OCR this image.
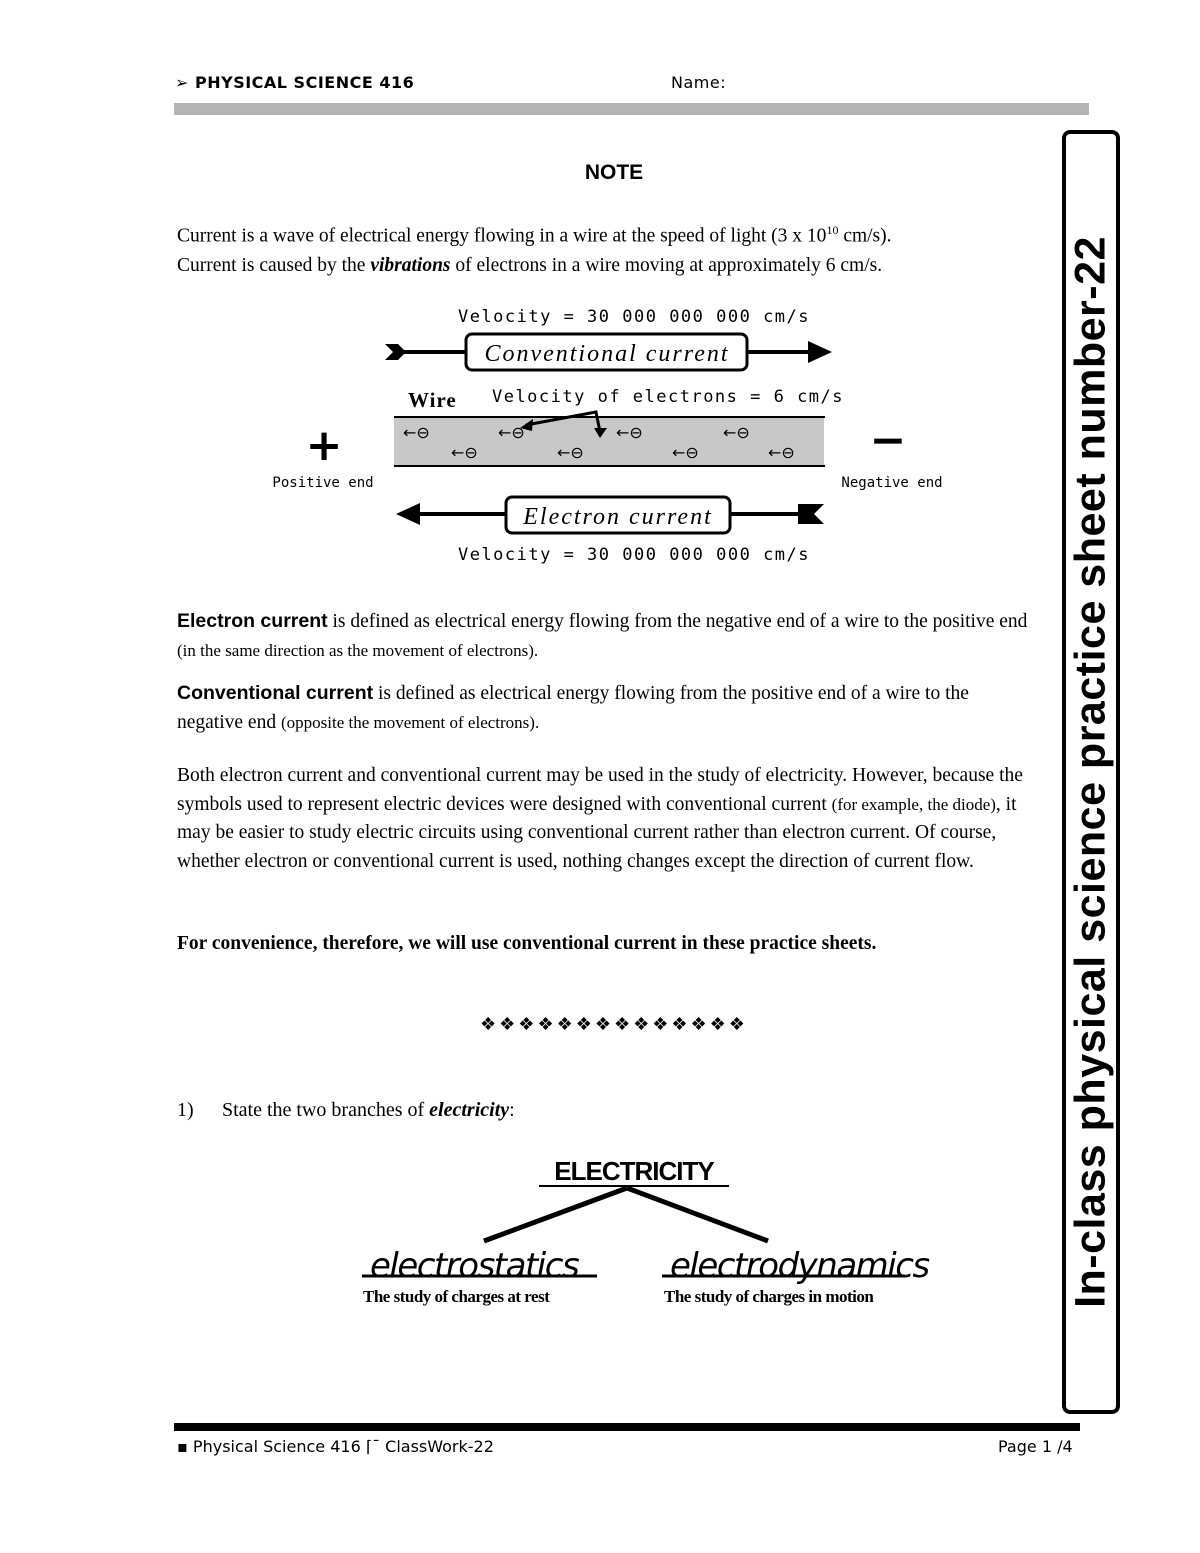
➢ PHYSICAL SCIENCE 416	Name:
In-class physical science practice sheet number-22
NOTE
Current is a wave of electrical energy flowing in a wire at the speed of light (3 x $10^{10}$ cm/s).
Current is caused by the vibrations of electrons in a wire moving at approximately 6 cm/s.
Velocity = 30 000 000 000 cm/s
Conventional current
Wire Velocity of electrons = 6 cm/s
←⊖	←⊖	←⊖	←⊖
←⊖	←⊖	←⊖	←⊖
+	−
Positive end	Negative end
Electron current
Velocity = 30 000 000 000 cm/s
Electron current is defined as electrical energy flowing from the negative end of a wire to the positive end (in the same direction as the movement of electrons).
Conventional current is defined as electrical energy flowing from the positive end of a wire to the negative end (opposite the movement of electrons).
Both electron current and conventional current may be used in the study of electricity. However, because the symbols used to represent electric devices were designed with conventional current (for example, the diode), it may be easier to study electric circuits using conventional current rather than electron current. Of course, whether electron or conventional current is used, nothing changes except the direction of current flow.
For convenience, therefore, we will use conventional current in these practice sheets.
❖❖❖❖❖❖❖❖❖❖❖❖❖❖
1) State the two branches of electricity:
ELECTRICITY
electrostatics
The study of charges at rest
electrodynamics
The study of charges in motion
▪ Physical Science 416 ⌈¯ ClassWork-22	Page 1 /4
